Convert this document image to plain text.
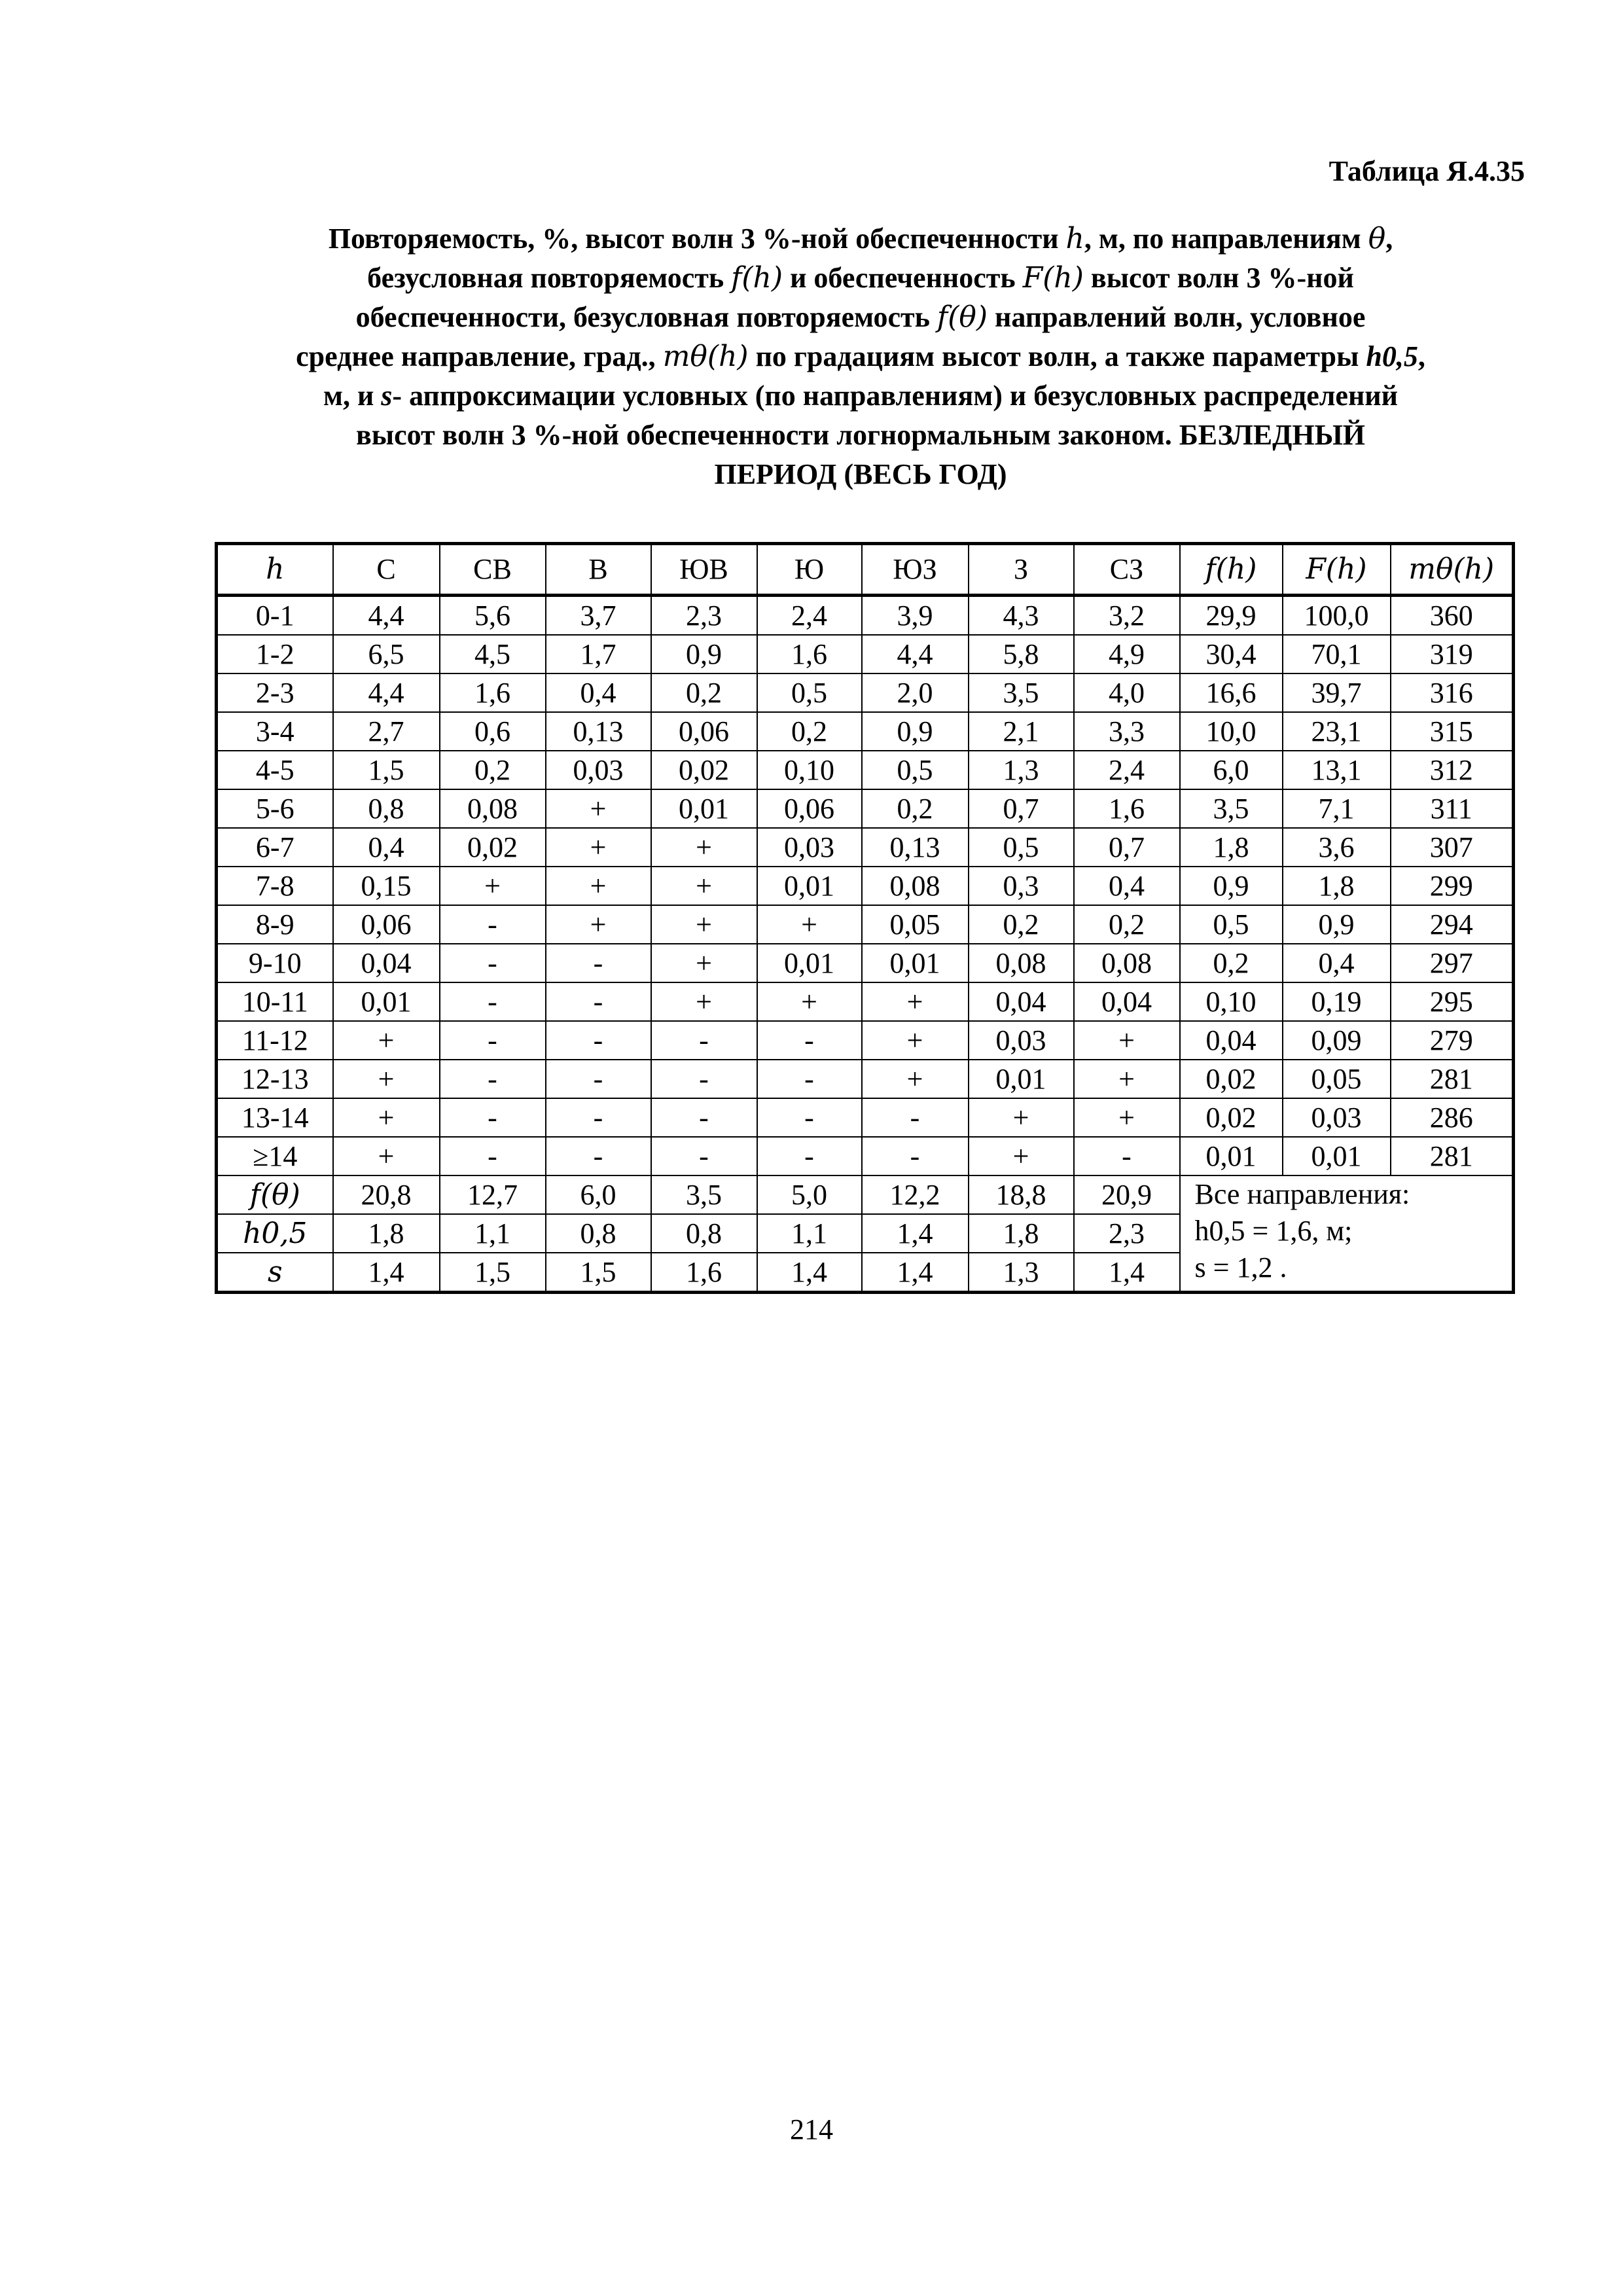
Таблица Я.4.35
Повторяемость, %, высот волн 3 %-ной обеспеченности h, м, по направлениям θ,
безусловная повторяемость f(h) и обеспеченность F(h) высот волн 3 %-ной
обеспеченности, безусловная повторяемость f(θ) направлений волн, условное
среднее направление, град., mθ(h) по градациям высот волн, а также параметры h0,5,
м, и s- аппроксимации условных (по направлениям) и безусловных распределений
высот волн 3 %-ной обеспеченности логнормальным законом. БЕЗЛЕДНЫЙ
ПЕРИОД (ВЕСЬ ГОД)
h	С	СВ	В	ЮВ	Ю	ЮЗ	З	СЗ	f(h)	F(h)	mθ(h)
0-1	4,4	5,6	3,7	2,3	2,4	3,9	4,3	3,2	29,9	100,0	360
1-2	6,5	4,5	1,7	0,9	1,6	4,4	5,8	4,9	30,4	70,1	319
2-3	4,4	1,6	0,4	0,2	0,5	2,0	3,5	4,0	16,6	39,7	316
3-4	2,7	0,6	0,13	0,06	0,2	0,9	2,1	3,3	10,0	23,1	315
4-5	1,5	0,2	0,03	0,02	0,10	0,5	1,3	2,4	6,0	13,1	312
5-6	0,8	0,08	+	0,01	0,06	0,2	0,7	1,6	3,5	7,1	311
6-7	0,4	0,02	+	+	0,03	0,13	0,5	0,7	1,8	3,6	307
7-8	0,15	+	+	+	0,01	0,08	0,3	0,4	0,9	1,8	299
8-9	0,06	-	+	+	+	0,05	0,2	0,2	0,5	0,9	294
9-10	0,04	-	-	+	0,01	0,01	0,08	0,08	0,2	0,4	297
10-11	0,01	-	-	+	+	+	0,04	0,04	0,10	0,19	295
11-12	+	-	-	-	-	+	0,03	+	0,04	0,09	279
12-13	+	-	-	-	-	+	0,01	+	0,02	0,05	281
13-14	+	-	-	-	-	-	+	+	0,02	0,03	286
≥14	+	-	-	-	-	-	+	-	0,01	0,01	281
f(θ)	20,8	12,7	6,0	3,5	5,0	12,2	18,8	20,9	Все направления:
h0,5 = 1,6, м;
s = 1,2 .		

h0,5	1,8	1,1	0,8	0,8	1,1	1,4	1,8	2,3			
s	1,4	1,5	1,5	1,6	1,4	1,4	1,3	1,4			
214
